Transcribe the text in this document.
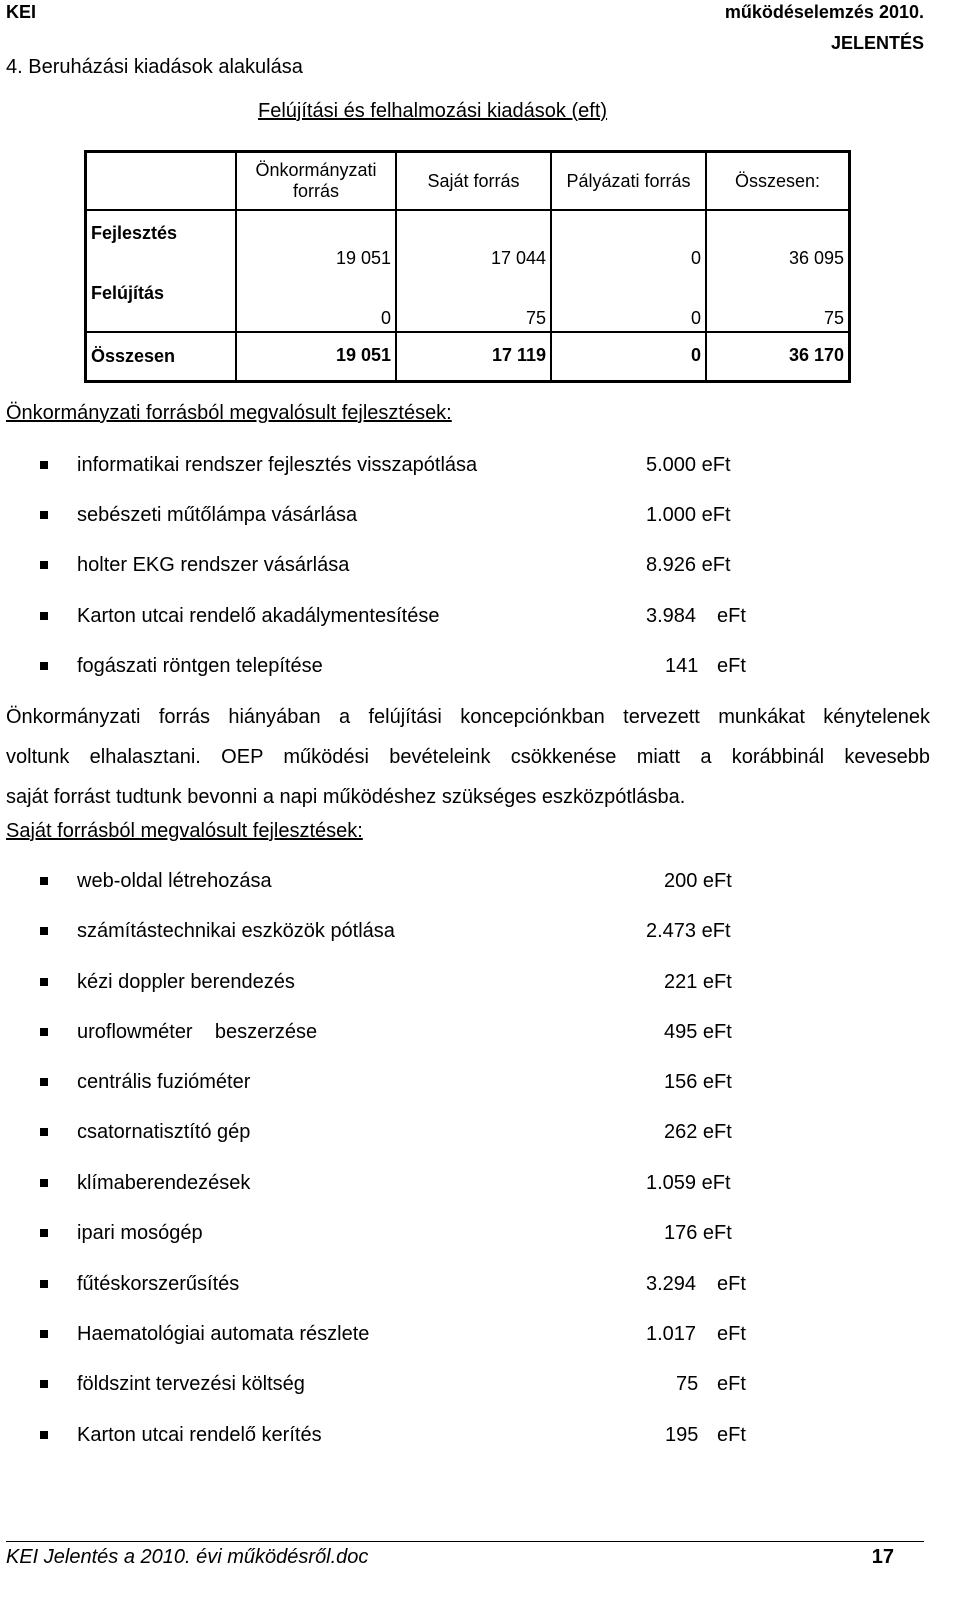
KEI	működéselemzés 2010.
JELENTÉS
4. Beruházási kiadások alakulása
Felújítási és felhalmozási kiadások (eft)
	Önkormányzati forrás	Saját forrás	Pályázati forrás	Összesen:
Fejlesztés	19 051	17 044	0	36 095
Felújítás	0	75	0	75
Összesen	19 051	17 119	0	36 170
Önkormányzati forrásból megvalósult fejlesztések:
informatikai rendszer fejlesztés visszapótlása	5.000 eFt
sebészeti műtőlámpa vásárlása	1.000 eFt
holter EKG rendszer vásárlása	8.926 eFt
Karton utcai rendelő akadálymentesítése	3.984 eFt
fogászati röntgen telepítése	141 eFt
Önkormányzati forrás hiányában a felújítási koncepciónkban tervezett munkákat kénytelenek
voltunk elhalasztani. OEP működési bevételeink csökkenése miatt a korábbinál kevesebb
saját forrást tudtunk bevonni a napi működéshez szükséges eszközpótlásba.
Saját forrásból megvalósult fejlesztések:
web-oldal létrehozása	200 eFt
számítástechnikai eszközök pótlása	2.473 eFt
kézi doppler berendezés	221 eFt
uroflowméter    beszerzése	495 eFt
centrális fuzióméter	156 eFt
csatornatisztító gép	262 eFt
klímaberendezések	1.059 eFt
ipari mosógép	176 eFt
fűtéskorszerűsítés	3.294 eFt
Haematológiai automata részlete	1.017 eFt
földszint tervezési költség	75 eFt
Karton utcai rendelő kerítés	195 eFt
KEI Jelentés a 2010. évi működésről.doc	17
